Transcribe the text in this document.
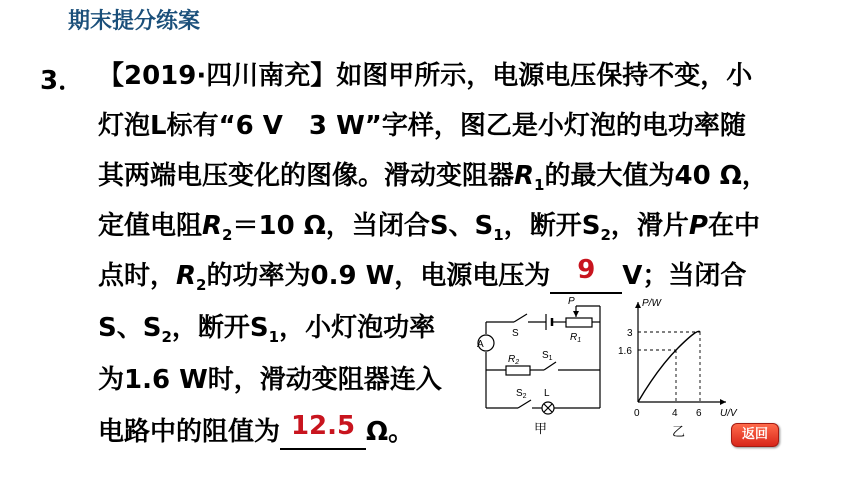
期末提分练案
3． 【2019·四川南充】如图甲所示，电源电压保持不变，小
灯泡L标有“6 V　3 W”字样，图乙是小灯泡的电功率随
其两端电压变化的图像。滑动变阻器$R_1$的最大值为40 Ω，
定值电阻$R_2=10$ Ω，当闭合S、$S_1$，断开$S_2$，滑片P在中
点时，$R_2$的功率为0.9 W，电源电压为	9	V；当闭合
S、$S_2$，断开$S_1$，小灯泡功率
为1.6 W时，滑动变阻器连入
电路中的阻值为 12.5 Ω。
A
P
S	$R_1$
$R_2$
$S_1$
$S_2$ L
甲
P/W
U/V
3
1.6
0	4 6
乙	返回
